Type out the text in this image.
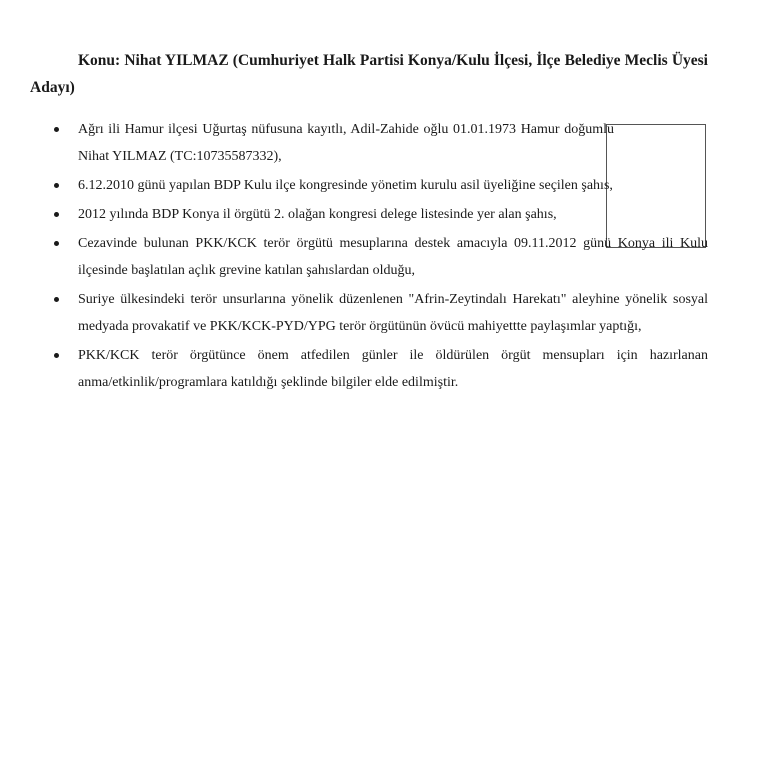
Konu: Nihat YILMAZ (Cumhuriyet Halk Partisi Konya/Kulu İlçesi, İlçe Belediye Meclis Üyesi Adayı)
Ağrı ili Hamur ilçesi Uğurtaş nüfusuna kayıtlı, Adil-Zahide oğlu 01.01.1973 Hamur doğumlu Nihat YILMAZ (TC:10735587332),
6.12.2010 günü yapılan BDP Kulu ilçe kongresinde yönetim kurulu asil üyeliğine seçilen şahıs,
2012 yılında BDP Konya il örgütü 2. olağan kongresi delege listesinde yer alan şahıs,
Cezavinde bulunan PKK/KCK terör örgütü mesuplarına destek amacıyla 09.11.2012 günü Konya ili Kulu ilçesinde başlatılan açlık grevine katılan şahıslardan olduğu,
Suriye ülkesindeki terör unsurlarına yönelik düzenlenen "Afrin-Zeytindalı Harekatı" aleyhine yönelik sosyal medyada provakatif ve PKK/KCK-PYD/YPG terör örgütünün övücü mahiyettte paylaşımlar yaptığı,
PKK/KCK terör örgütünce önem atfedilen günler ile öldürülen örgüt mensupları için hazırlanan anma/etkinlik/programlara katıldığı şeklinde bilgiler elde edilmiştir.
